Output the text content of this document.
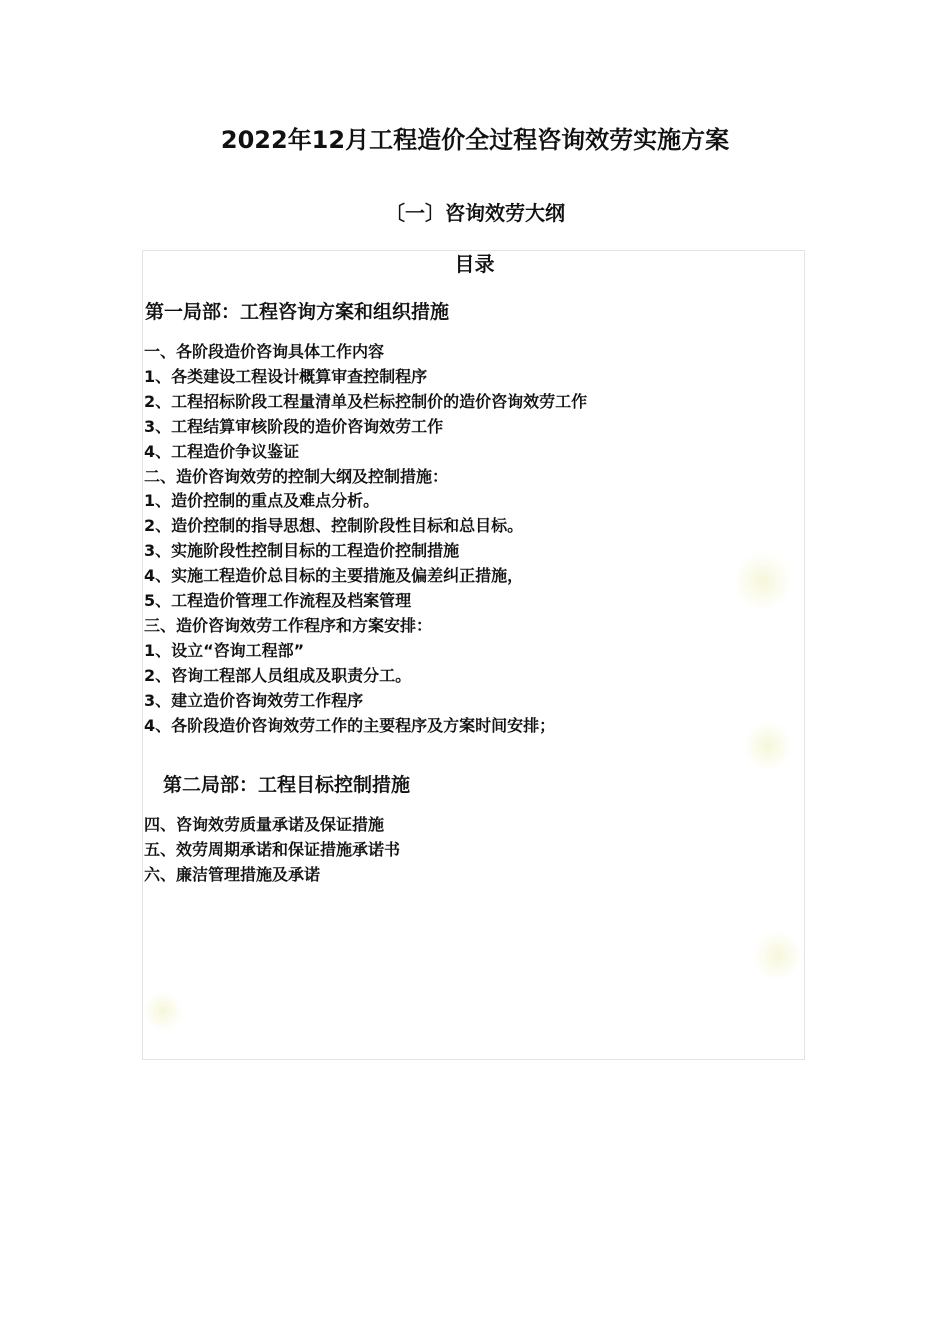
2022年12月工程造价全过程咨询效劳实施方案
〔一〕咨询效劳大纲
目录
第一局部：工程咨询方案和组织措施
一、各阶段造价咨询具体工作内容
1、各类建设工程设计概算审查控制程序
2、工程招标阶段工程量清单及栏标控制价的造价咨询效劳工作
3、工程结算审核阶段的造价咨询效劳工作
4、工程造价争议鉴证
二、造价咨询效劳的控制大纲及控制措施：
1、造价控制的重点及难点分析。
2、造价控制的指导思想、控制阶段性目标和总目标。
3、实施阶段性控制目标的工程造价控制措施
4、实施工程造价总目标的主要措施及偏差纠正措施，
5、工程造价管理工作流程及档案管理
三、造价咨询效劳工作程序和方案安排：
1、设立“咨询工程部”
2、咨询工程部人员组成及职责分工。
3、建立造价咨询效劳工作程序
4、各阶段造价咨询效劳工作的主要程序及方案时间安排；
第二局部：工程目标控制措施
四、咨询效劳质量承诺及保证措施
五、效劳周期承诺和保证措施承诺书
六、廉洁管理措施及承诺
